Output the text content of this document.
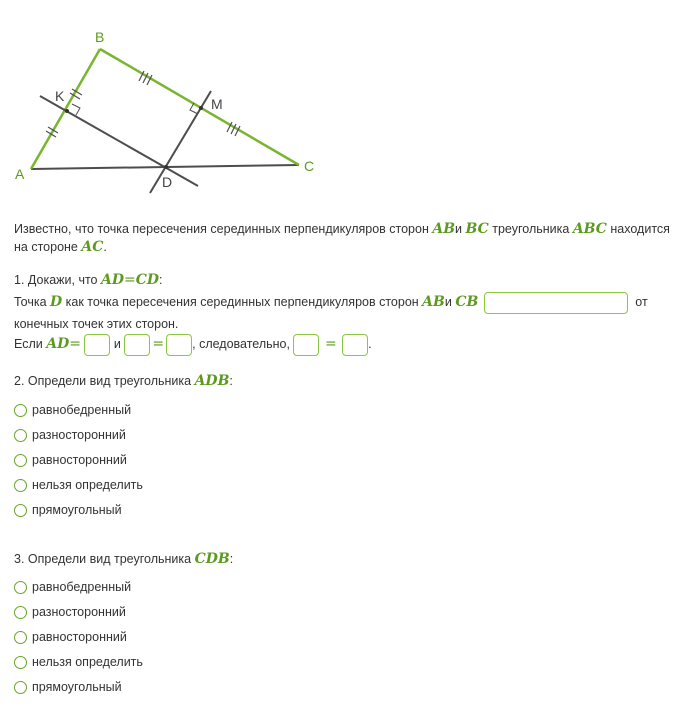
B
A	C
K	M
D
Известно, что точка пересечения серединных перпендикуляров сторон ABи BC треугольника ABC находится
на стороне AC.
1. Докажи, что AD=CD:
Точка D как точка пересечения серединных перпендикуляров сторон ABи CB	от
конечных точек этих сторон.
Если AD=	и = , следовательно, =	.
2. Определи вид треугольника ADB:
равнобедренный
разносторонний
равносторонний
нельзя определить
прямоугольный
3. Определи вид треугольника CDB:
равнобедренный
разносторонний
равносторонний
нельзя определить
прямоугольный
